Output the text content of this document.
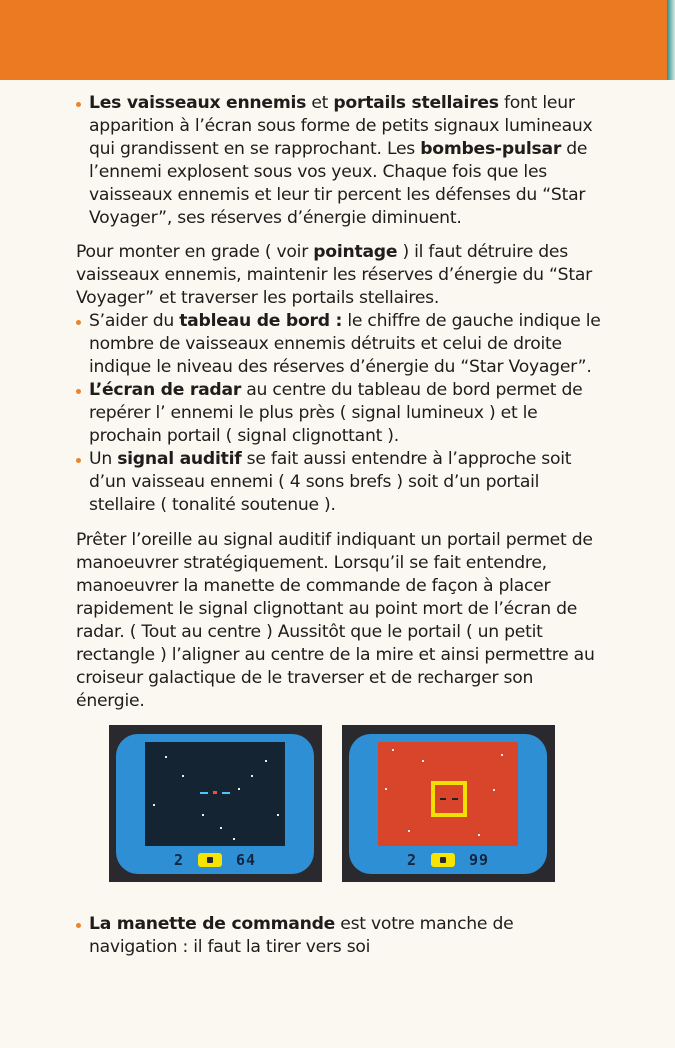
Les vaisseaux ennemis et portails stellaires font leur apparition à l’écran sous forme de petits signaux lumineaux qui grandissent en se rapprochant. Les bombes-pulsar de l’ennemi explosent sous vos yeux. Chaque fois que les vaisseaux ennemis et leur tir percent les défenses du “Star Voyager”, ses réserves d’énergie diminuent.

Pour monter en grade ( voir pointage ) il faut détruire des vaisseaux ennemis, maintenir les réserves d’énergie du “Star Voyager” et traverser les portails stellaires.

S’aider du tableau de bord : le chiffre de gauche indique le nombre de vaisseaux ennemis détruits et celui de droite indique le niveau des réserves d’énergie du “Star Voyager”.

L’écran de radar au centre du tableau de bord permet de repérer l’ ennemi le plus près ( signal lumineux ) et le prochain portail ( signal clignottant ).

Un signal auditif se fait aussi entendre à l’approche soit d’un vaisseau ennemi ( 4 sons brefs ) soit d’un portail stellaire ( tonalité soutenue ).

Prêter l’oreille au signal auditif indiquant un portail permet de manoeuvrer stratégiquement. Lorsqu’il se fait entendre, manoeuvrer la manette de commande de façon à placer rapidement le signal clignottant au point mort de l’écran de radar. ( Tout au centre ) Aussitôt que le portail ( un petit rectangle ) l’aligner au centre de la mire et ainsi permettre au croiseur galactique de le traverser et de recharger son énergie.

2	64	2	99

La manette de commande est votre manche de navigation : il faut la tirer vers soi
